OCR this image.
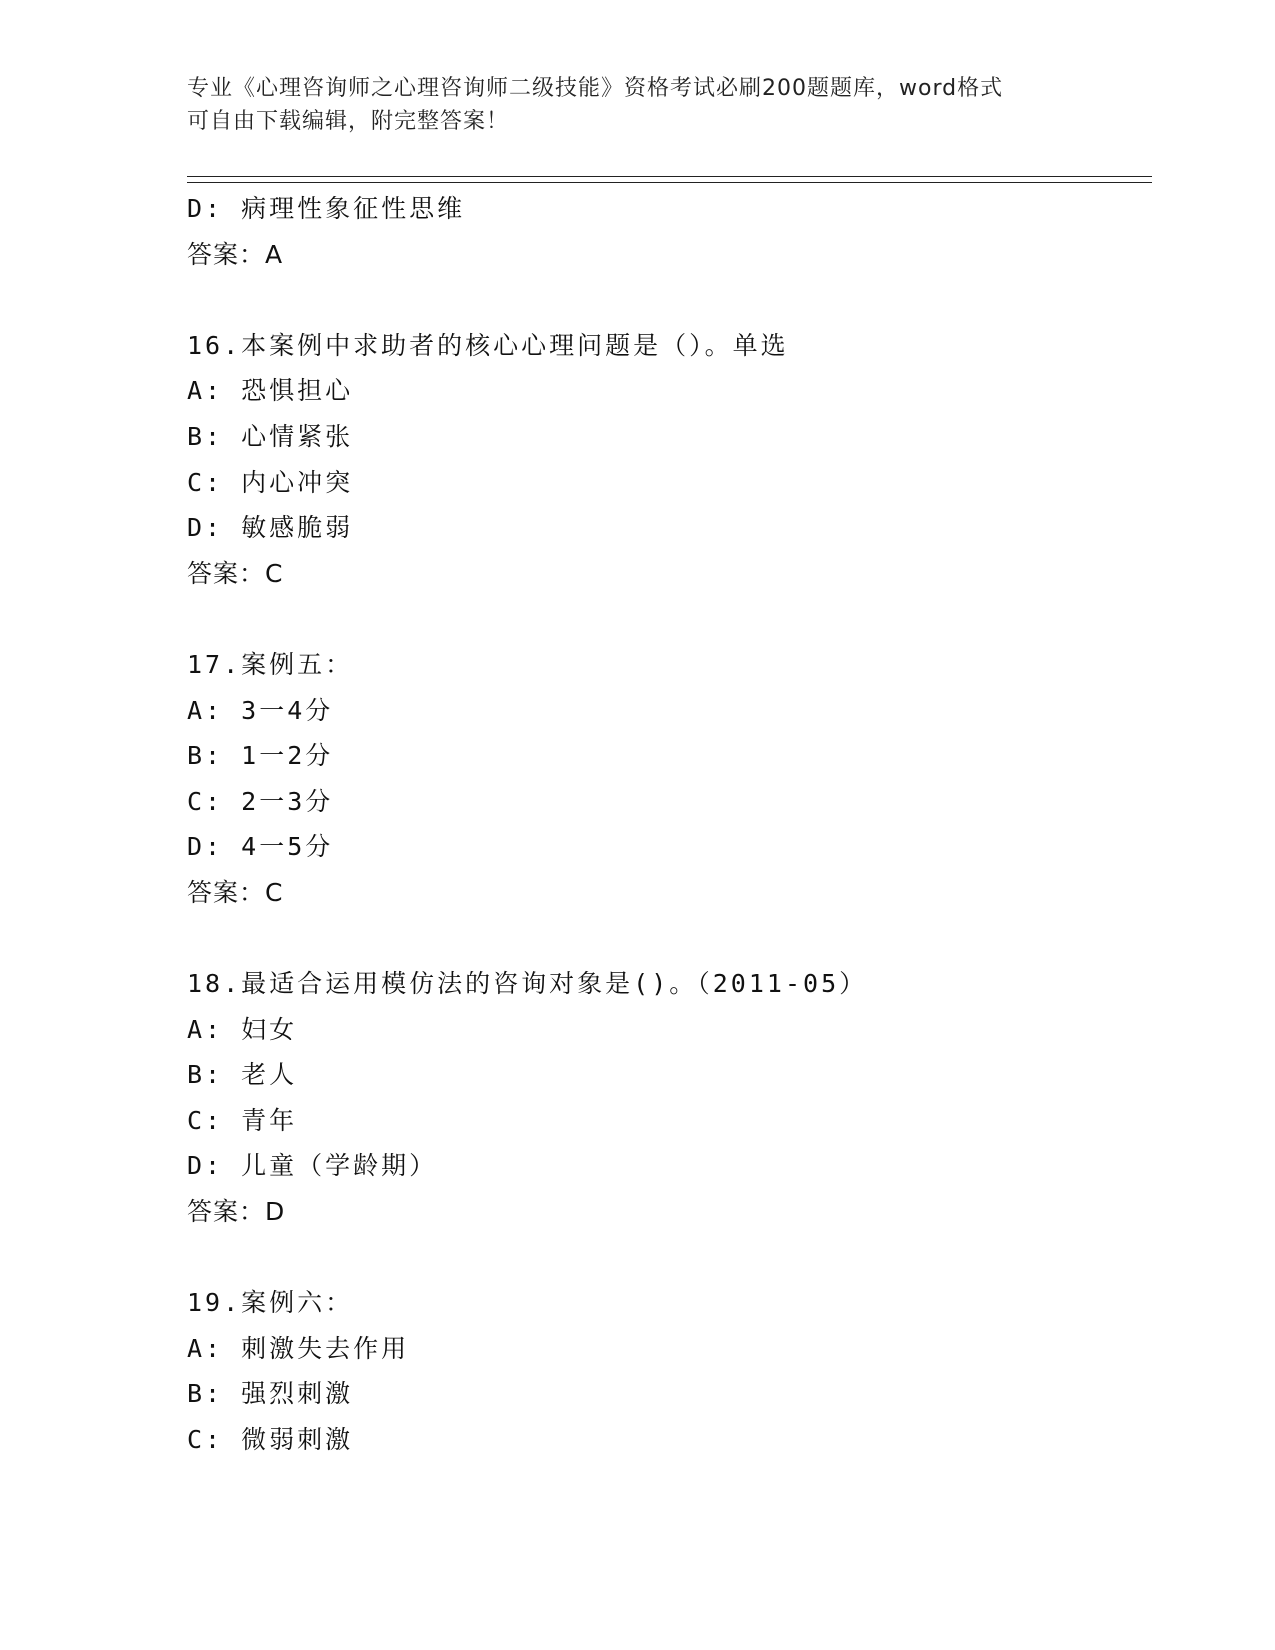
专业《心理咨询师之心理咨询师二级技能》资格考试必刷200题题库，word格式
可自由下载编辑，附完整答案！
D: 病理性象征性思维
答案：A
16.本案例中求助者的核心心理问题是（）。单选
A: 恐惧担心
B: 心情紧张
C: 内心冲突
D: 敏感脆弱
答案：C
17.案例五：
A: 3一4分
B: 1一2分
C: 2一3分
D: 4一5分
答案：C
18.最适合运用模仿法的咨询对象是()。（2011-05）
A: 妇女
B: 老人
C: 青年
D: 儿童（学龄期）
答案：D
19.案例六：
A: 刺激失去作用
B: 强烈刺激
C: 微弱刺激
